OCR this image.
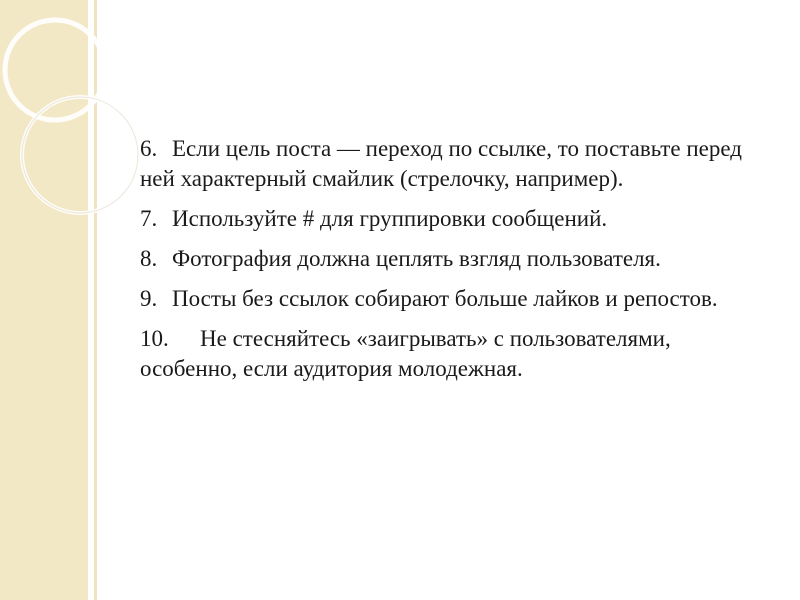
6. Если цель поста — переход по ссылке, то поставьте перед ней характерный смайлик (стрелочку, например).
7. Используйте # для группировки сообщений.
8. Фотография должна цеплять взгляд пользователя.
9. Посты без ссылок собирают больше лайков и репостов.
10. Не стесняйтесь «заигрывать» с пользователями, особенно, если аудитория молодежная.
